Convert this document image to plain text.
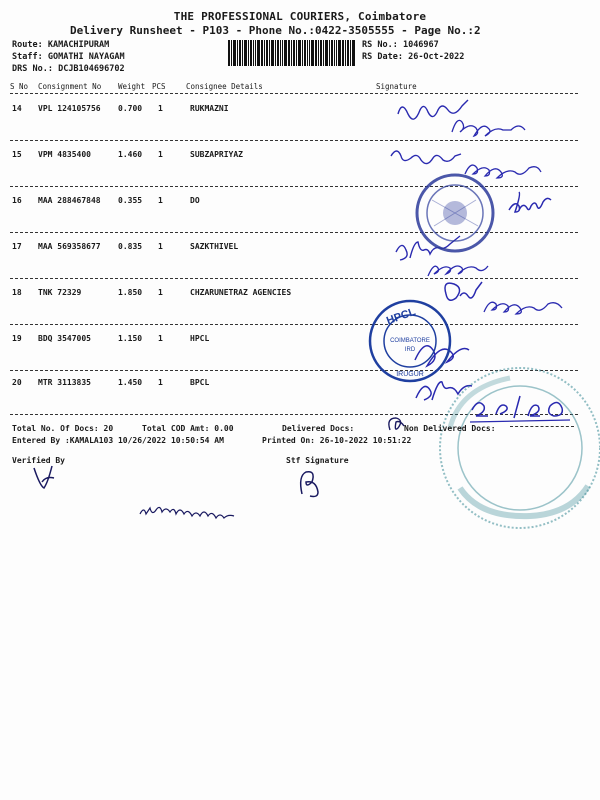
THE PROFESSIONAL COURIERS, Coimbatore
Delivery Runsheet - P103 - Phone No.:0422-3505555 - Page No.:2
Route: KAMACHIPURAM
Staff: GOMATHI NAYAGAM
DRS No.: DCJB104696702
RS No.: 1046967
RS Date: 26-Oct-2022
S No Consignment No Weight PCS	Consignee Details	Signature
14 VPL 124105756 0.700 1	RUKMAZNI
15 VPM 4835400	1.460 1	SUBZAPRIYAZ
16 MAA 288467848 0.355 1	DO
17 MAA 569358677 0.835 1	SAZKTHIVEL
18 TNK 72329	1.850 1	CHZARUNETRAZ AGENCIES
19 BDQ 3547005	1.150 1	HPCL
20 MTR 3113835	1.450 1	BPCL
HPCL
COIMBATORE
IRD
IRUGUR
Total No. Of Docs: 20	Total COD Amt: 0.00	Delivered Docs:	Non Delivered Docs:
Entered By :KAMALA103 10/26/2022 10:50:54 AM	Printed On: 26-10-2022 10:51:22
Verified By	Stf Signature
